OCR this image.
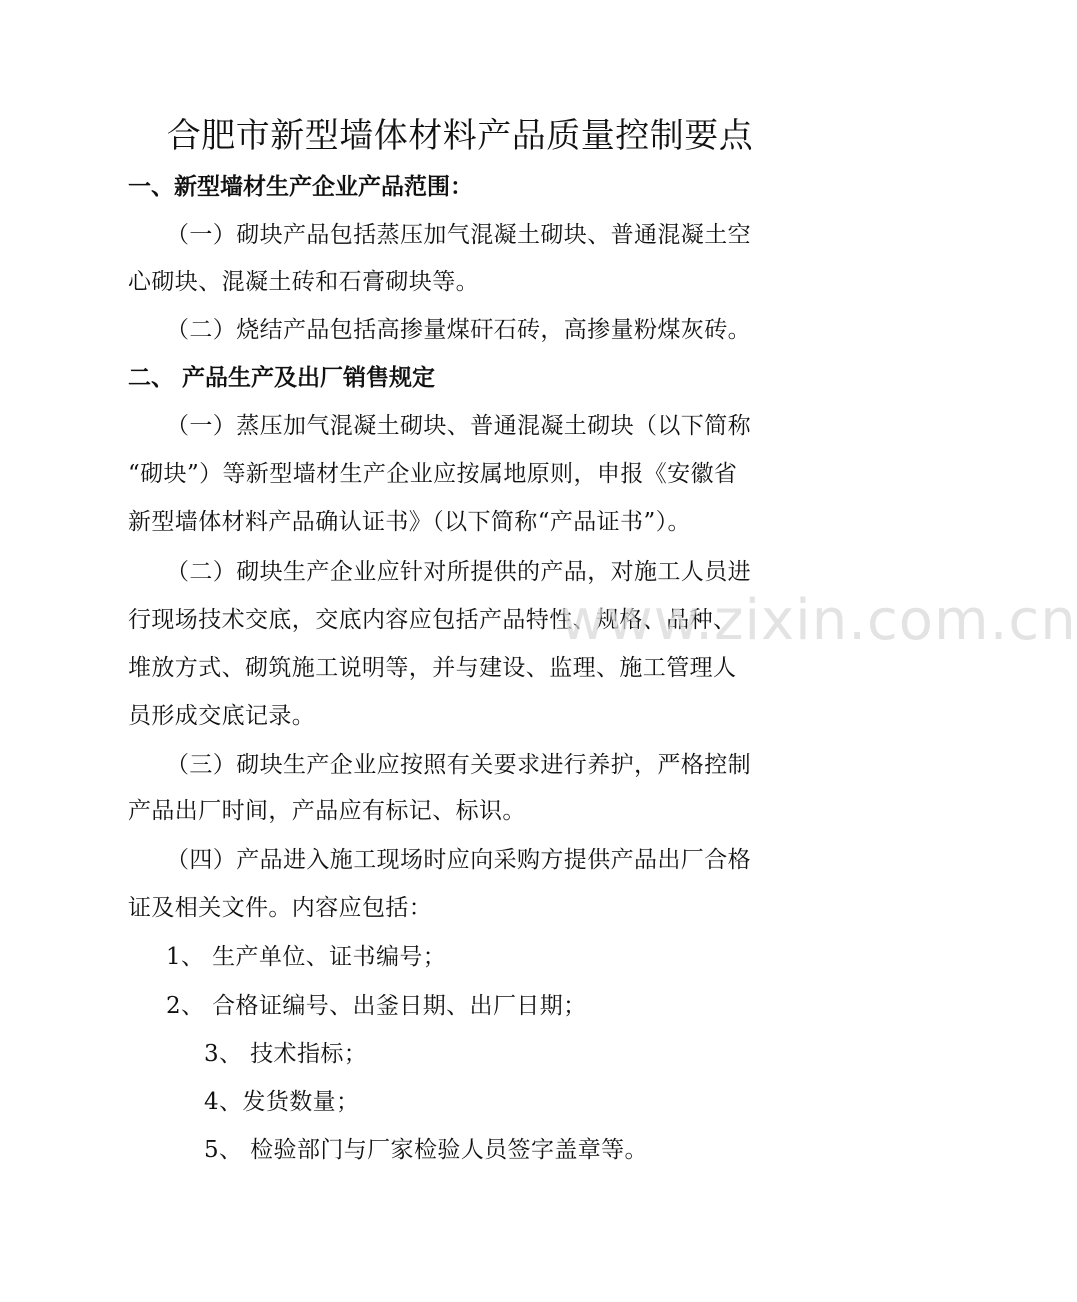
合肥市新型墙体材料产品质量控制要点
一、新型墙材生产企业产品范围：
（一）砌块产品包括蒸压加气混凝土砌块、普通混凝土空
心砌块、混凝土砖和石膏砌块等。
（二）烧结产品包括高掺量煤矸石砖，高掺量粉煤灰砖。
二、 产品生产及出厂销售规定
（一）蒸压加气混凝土砌块、普通混凝土砌块（以下简称
“砌块”）等新型墙材生产企业应按属地原则，申报《安徽省
新型墙体材料产品确认证书》（以下简称“产品证书”）。
（二）砌块生产企业应针对所提供的产品，对施工人员进
行现场技术交底，交底内容应包括产品特性、规格、品种、
堆放方式、砌筑施工说明等，并与建设、监理、施工管理人
员形成交底记录。
（三）砌块生产企业应按照有关要求进行养护，严格控制
产品出厂时间，产品应有标记、标识。
（四）产品进入施工现场时应向采购方提供产品出厂合格
证及相关文件。内容应包括：
1、 生产单位、证书编号；
2、 合格证编号、出釜日期、出厂日期；
3、 技术指标；
4、发货数量；
5、 检验部门与厂家检验人员签字盖章等。
www.zixin.com.cn
